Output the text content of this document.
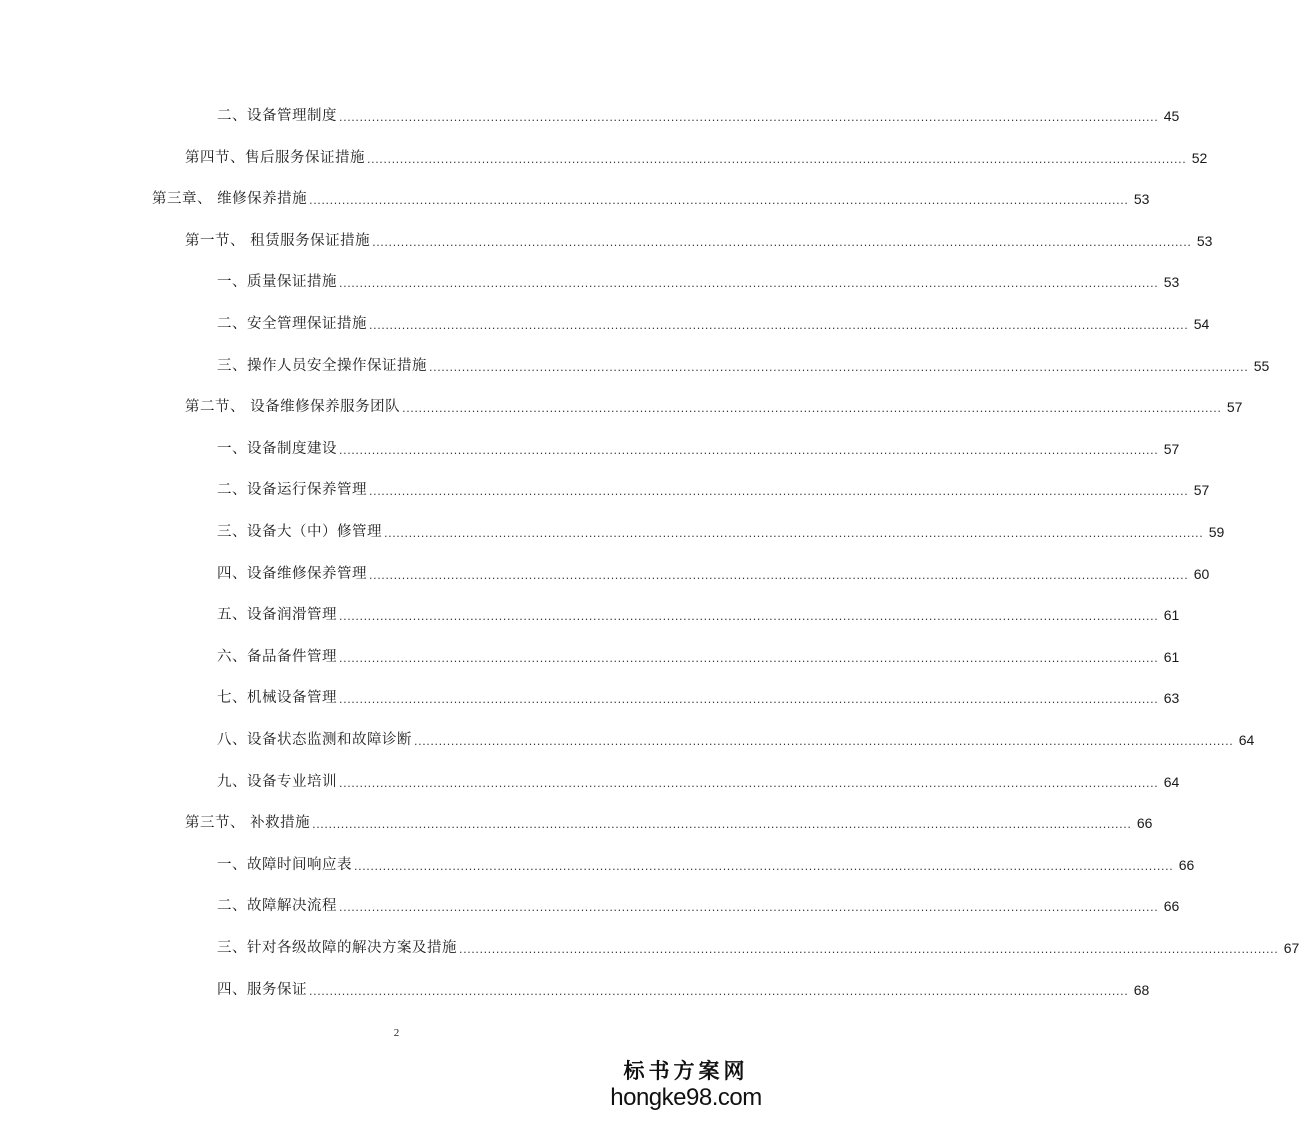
二、设备管理制度 ........................................................................................................................................................................................................ 45
第四节、售后服务保证措施 ........................................................................................................................................................................................................ 52
第三章、 维修保养措施 ........................................................................................................................................................................................................ 53
第一节、 租赁服务保证措施 ........................................................................................................................................................................................................ 53
一、质量保证措施 ........................................................................................................................................................................................................ 53
二、安全管理保证措施 ........................................................................................................................................................................................................ 54
三、操作人员安全操作保证措施 ........................................................................................................................................................................................................ 55
第二节、 设备维修保养服务团队 ........................................................................................................................................................................................................ 57
一、设备制度建设 ........................................................................................................................................................................................................ 57
二、设备运行保养管理 ........................................................................................................................................................................................................ 57
三、设备大（中）修管理 ........................................................................................................................................................................................................ 59
四、设备维修保养管理 ........................................................................................................................................................................................................ 60
五、设备润滑管理 ........................................................................................................................................................................................................ 61
六、备品备件管理 ........................................................................................................................................................................................................ 61
七、机械设备管理 ........................................................................................................................................................................................................ 63
八、设备状态监测和故障诊断 ........................................................................................................................................................................................................ 64
九、设备专业培训 ........................................................................................................................................................................................................ 64
第三节、 补救措施 ........................................................................................................................................................................................................ 66
一、故障时间响应表 ........................................................................................................................................................................................................ 66
二、故障解决流程 ........................................................................................................................................................................................................ 66
三、针对各级故障的解决方案及措施 ........................................................................................................................................................................................................ 67
四、服务保证 ........................................................................................................................................................................................................ 68
2
标书方案网
hongke98.com
